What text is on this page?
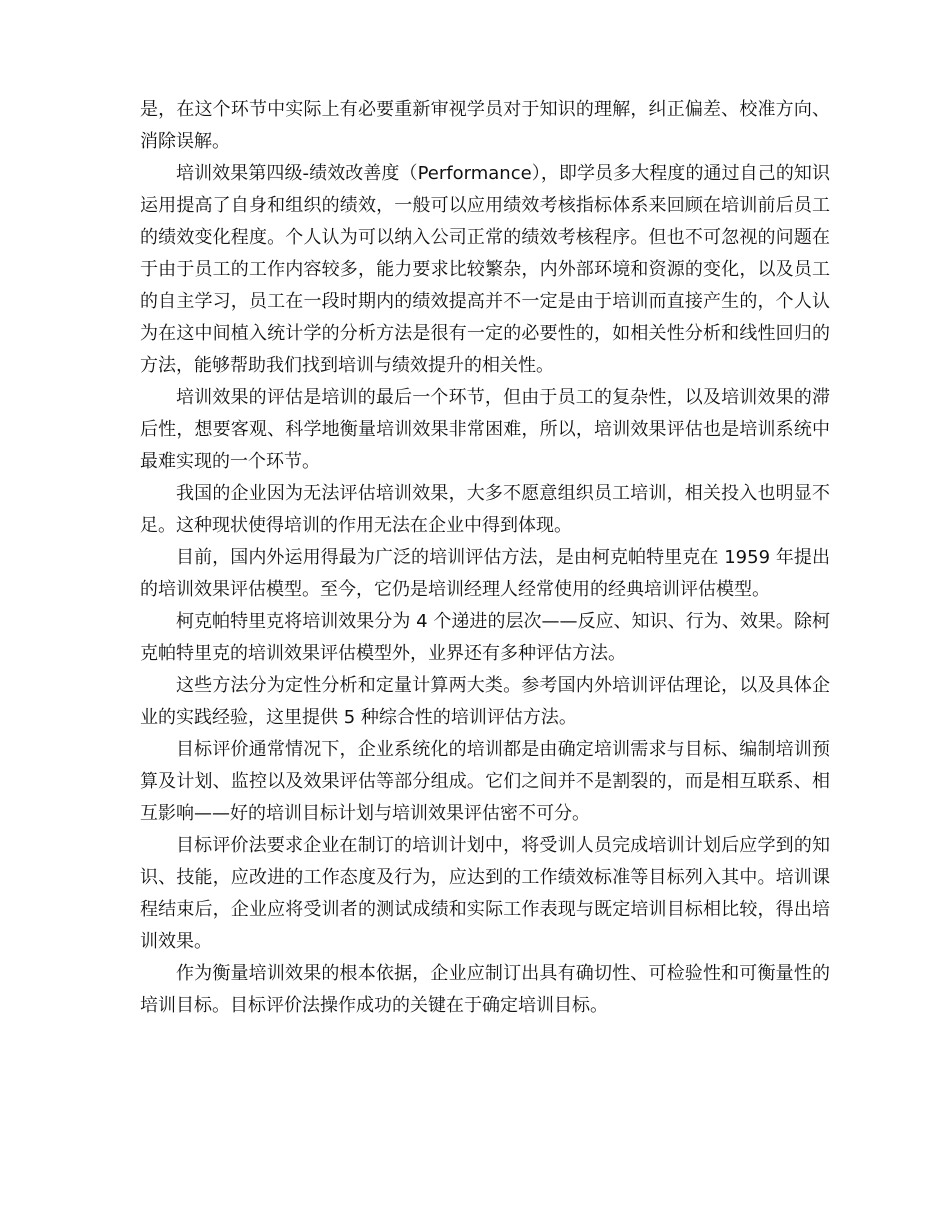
是，在这个环节中实际上有必要重新审视学员对于知识的理解，纠正偏差、校准方向、消除误解。

培训效果第四级-绩效改善度（Performance），即学员多大程度的通过自己的知识运用提高了自身和组织的绩效，一般可以应用绩效考核指标体系来回顾在培训前后员工的绩效变化程度。个人认为可以纳入公司正常的绩效考核程序。但也不可忽视的问题在于由于员工的工作内容较多，能力要求比较繁杂，内外部环境和资源的变化，以及员工的自主学习，员工在一段时期内的绩效提高并不一定是由于培训而直接产生的，个人认为在这中间植入统计学的分析方法是很有一定的必要性的，如相关性分析和线性回归的方法，能够帮助我们找到培训与绩效提升的相关性。

培训效果的评估是培训的最后一个环节，但由于员工的复杂性，以及培训效果的滞后性，想要客观、科学地衡量培训效果非常困难，所以，培训效果评估也是培训系统中最难实现的一个环节。

我国的企业因为无法评估培训效果，大多不愿意组织员工培训，相关投入也明显不足。这种现状使得培训的作用无法在企业中得到体现。

目前，国内外运用得最为广泛的培训评估方法，是由柯克帕特里克在 1959 年提出的培训效果评估模型。至今，它仍是培训经理人经常使用的经典培训评估模型。

柯克帕特里克将培训效果分为 4 个递进的层次——反应、知识、行为、效果。除柯克帕特里克的培训效果评估模型外，业界还有多种评估方法。

这些方法分为定性分析和定量计算两大类。参考国内外培训评估理论，以及具体企业的实践经验，这里提供 5 种综合性的培训评估方法。

目标评价通常情况下，企业系统化的培训都是由确定培训需求与目标、编制培训预算及计划、监控以及效果评估等部分组成。它们之间并不是割裂的，而是相互联系、相互影响——好的培训目标计划与培训效果评估密不可分。

目标评价法要求企业在制订的培训计划中，将受训人员完成培训计划后应学到的知识、技能，应改进的工作态度及行为，应达到的工作绩效标准等目标列入其中。培训课程结束后，企业应将受训者的测试成绩和实际工作表现与既定培训目标相比较，得出培训效果。

作为衡量培训效果的根本依据，企业应制订出具有确切性、可检验性和可衡量性的培训目标。目标评价法操作成功的关键在于确定培训目标。
